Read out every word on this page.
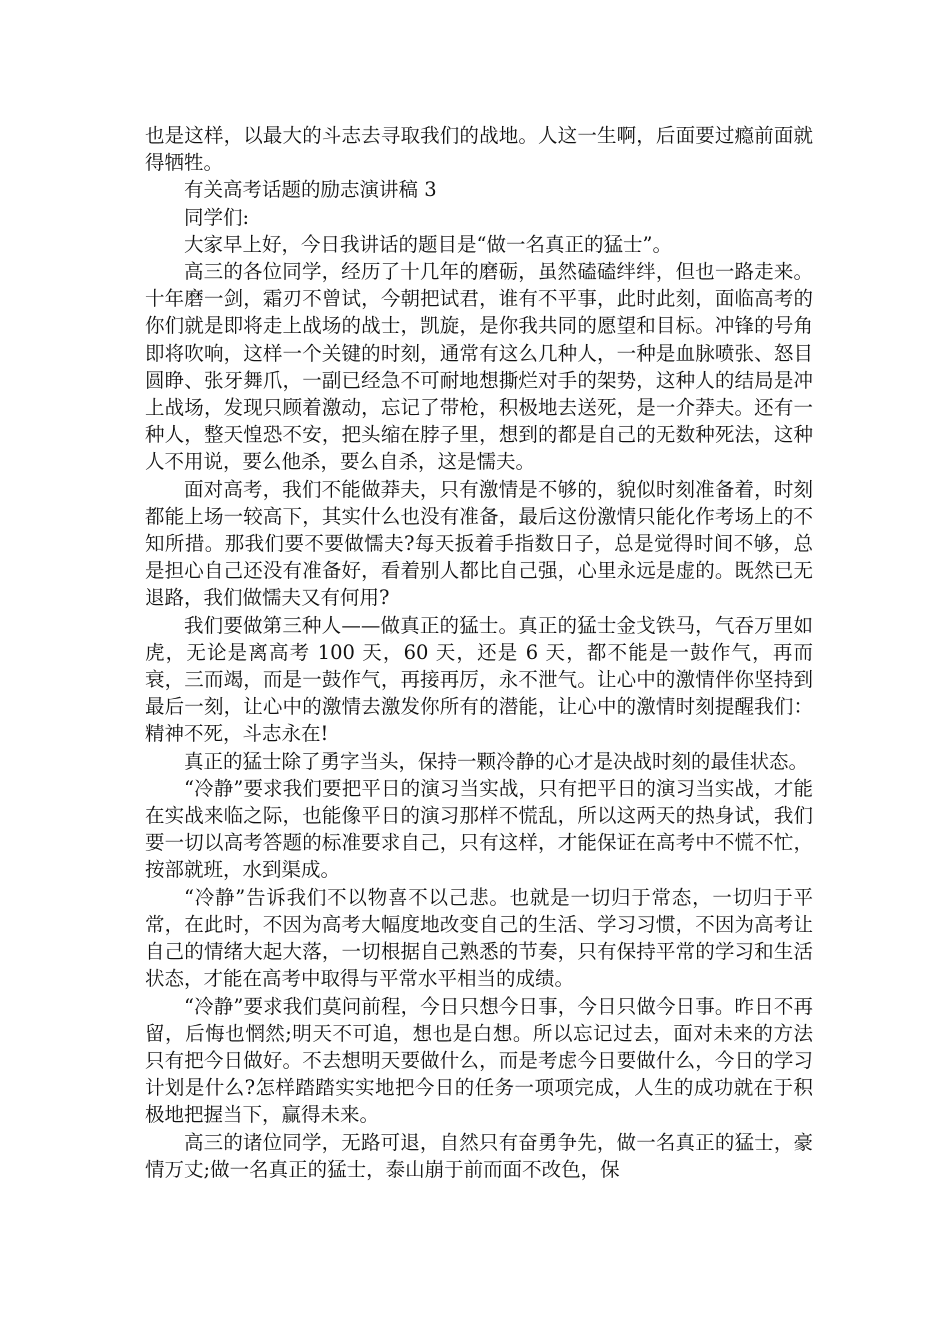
也是这样，以最大的斗志去寻取我们的战地。人这一生啊，后面要过瘾前面就得牺牲。

有关高考话题的励志演讲稿 3

同学们:

大家早上好，今日我讲话的题目是“做一名真正的猛士”。

高三的各位同学，经历了十几年的磨砺，虽然磕磕绊绊，但也一路走来。十年磨一剑，霜刃不曾试，今朝把试君，谁有不平事，此时此刻，面临高考的你们就是即将走上战场的战士，凯旋，是你我共同的愿望和目标。冲锋的号角即将吹响，这样一个关键的时刻，通常有这么几种人，一种是血脉喷张、怒目圆睁、张牙舞爪，一副已经急不可耐地想撕烂对手的架势，这种人的结局是冲上战场，发现只顾着激动，忘记了带枪，积极地去送死，是一介莽夫。还有一种人，整天惶恐不安，把头缩在脖子里，想到的都是自己的无数种死法，这种人不用说，要么他杀，要么自杀，这是懦夫。

面对高考，我们不能做莽夫，只有激情是不够的，貌似时刻准备着，时刻都能上场一较高下，其实什么也没有准备，最后这份激情只能化作考场上的不知所措。那我们要不要做懦夫?每天扳着手指数日子，总是觉得时间不够，总是担心自己还没有准备好，看着别人都比自己强，心里永远是虚的。既然已无退路，我们做懦夫又有何用?

我们要做第三种人——做真正的猛士。真正的猛士金戈铁马，气吞万里如虎，无论是离高考 100 天，60 天，还是 6 天，都不能是一鼓作气，再而衰，三而竭，而是一鼓作气，再接再厉，永不泄气。让心中的激情伴你坚持到最后一刻，让心中的激情去激发你所有的潜能，让心中的激情时刻提醒我们：精神不死，斗志永在!

真正的猛士除了勇字当头，保持一颗冷静的心才是决战时刻的最佳状态。

“冷静”要求我们要把平日的演习当实战，只有把平日的演习当实战，才能在实战来临之际，也能像平日的演习那样不慌乱，所以这两天的热身试，我们要一切以高考答题的标准要求自己，只有这样，才能保证在高考中不慌不忙，按部就班，水到渠成。

“冷静”告诉我们不以物喜不以己悲。也就是一切归于常态，一切归于平常，在此时，不因为高考大幅度地改变自己的生活、学习习惯，不因为高考让自己的情绪大起大落，一切根据自己熟悉的节奏，只有保持平常的学习和生活状态，才能在高考中取得与平常水平相当的成绩。

“冷静”要求我们莫问前程，今日只想今日事，今日只做今日事。昨日不再留，后悔也惘然;明天不可追，想也是白想。所以忘记过去，面对未来的方法只有把今日做好。不去想明天要做什么，而是考虑今日要做什么，今日的学习计划是什么?怎样踏踏实实地把今日的任务一项项完成，人生的成功就在于积极地把握当下，赢得未来。

高三的诸位同学，无路可退，自然只有奋勇争先，做一名真正的猛士，豪情万丈;做一名真正的猛士，泰山崩于前而面不改色，保
